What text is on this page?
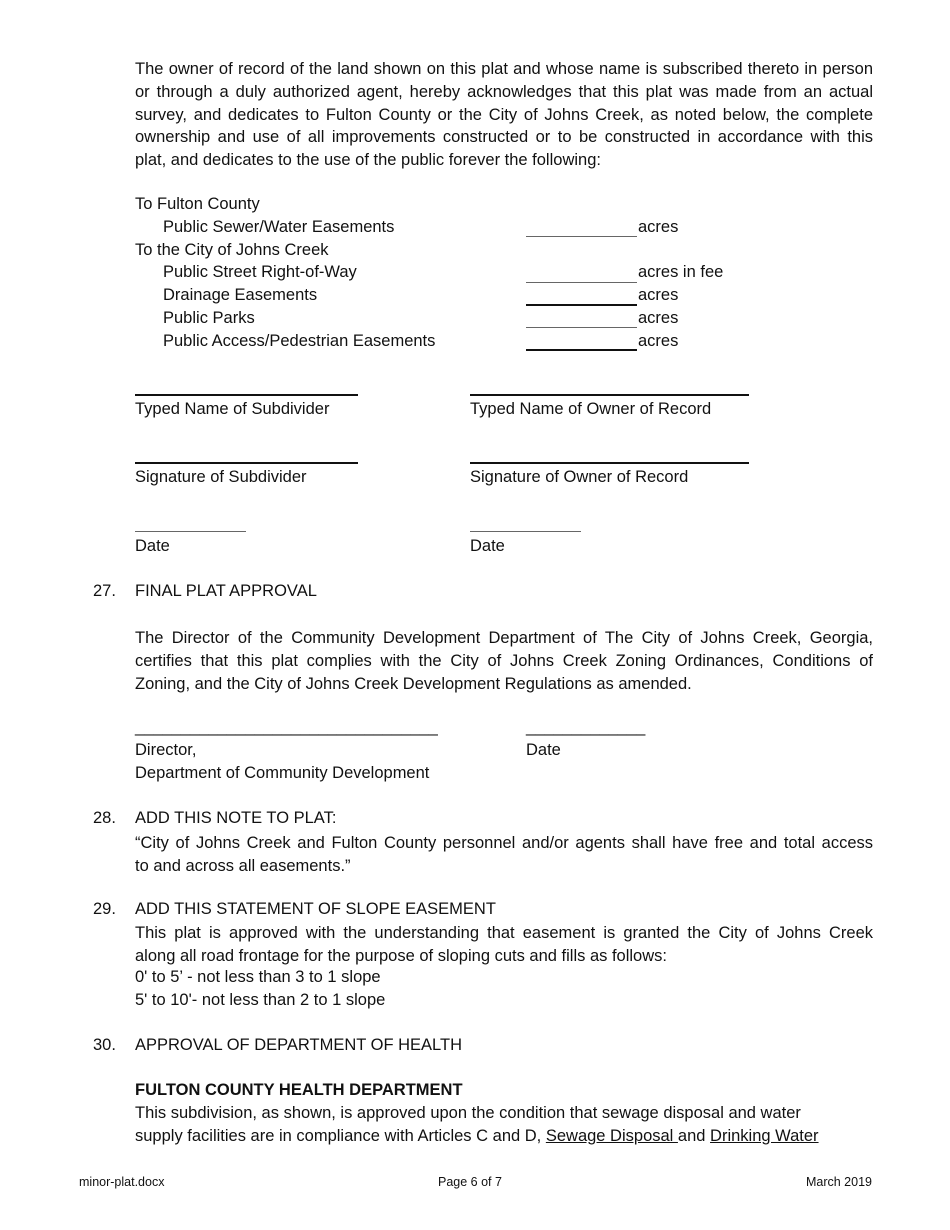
The owner of record of the land shown on this plat and whose name is subscribed thereto in person
or through a duly authorized agent, hereby acknowledges that this plat was made from an actual
survey, and dedicates to Fulton County or the City of Johns Creek, as noted below, the complete
ownership and use of all improvements constructed or to be constructed in accordance with this
plat, and dedicates to the use of the public forever the following:
To Fulton County
Public Sewer/Water Easements	acres
To the City of Johns Creek
Public Street Right-of-Way	acres in fee
Drainage Easements	acres
Public Parks	acres
Public Access/Pedestrian Easements	acres
Typed Name of Subdivider	Typed Name of Owner of Record
Signature of Subdivider	Signature of Owner of Record
Date	Date
27. FINAL PLAT APPROVAL
The Director of the Community Development Department of The City of Johns Creek, Georgia,
certifies that this plat complies with the City of Johns Creek Zoning Ordinances, Conditions of
Zoning, and the City of Johns Creek Development Regulations as amended.
_________________________________	_____________
Director,	Date
Department of Community Development
28. ADD THIS NOTE TO PLAT:
“City of Johns Creek and Fulton County personnel and/or agents shall have free and total access
to and across all easements.”
29. ADD THIS STATEMENT OF SLOPE EASEMENT
This plat is approved with the understanding that easement is granted the City of Johns Creek
along all road frontage for the purpose of sloping cuts and fills as follows:
0' to 5’ - not less than 3 to 1 slope
5' to 10'- not less than 2 to 1 slope
30. APPROVAL OF DEPARTMENT OF HEALTH
FULTON COUNTY HEALTH DEPARTMENT
This subdivision, as shown, is approved upon the condition that sewage disposal and water
supply facilities are in compliance with Articles C and D, Sewage Disposal and Drinking Water
minor-plat.docx	Page 6 of 7	March 2019
